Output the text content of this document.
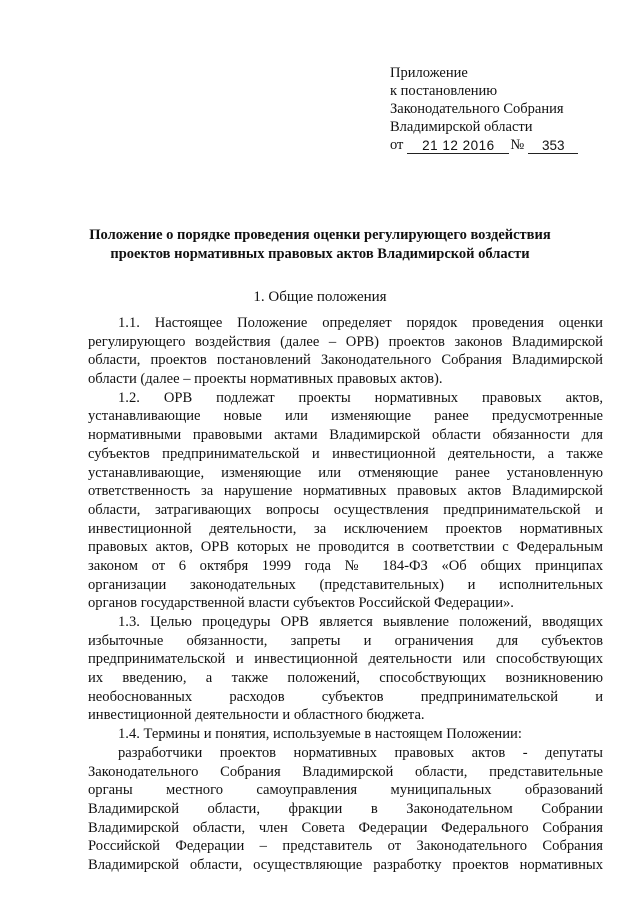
Приложение
к постановлению
Законодательного Собрания
Владимирской области
от	21 12 2016	№	353
Положение о порядке проведения оценки регулирующего воздействия
проектов нормативных правовых актов Владимирской области
1. Общие положения
1.1. Настоящее Положение определяет порядок проведения оценки
регулирующего воздействия (далее – ОРВ) проектов законов Владимирской
области, проектов постановлений Законодательного Собрания Владимирской
области (далее – проекты нормативных правовых актов).
1.2. ОРВ подлежат проекты нормативных правовых актов,
устанавливающие новые или изменяющие ранее предусмотренные
нормативными правовыми актами Владимирской области обязанности для
субъектов предпринимательской и инвестиционной деятельности, а также
устанавливающие, изменяющие или отменяющие ранее установленную
ответственность за нарушение нормативных правовых актов Владимирской
области, затрагивающих вопросы осуществления предпринимательской и
инвестиционной деятельности, за исключением проектов нормативных
правовых актов, ОРВ которых не проводится в соответствии с Федеральным
законом от 6 октября 1999 года № 184-ФЗ «Об общих принципах
организации законодательных (представительных) и исполнительных
органов государственной власти субъектов Российской Федерации».
1.3. Целью процедуры ОРВ является выявление положений, вводящих
избыточные обязанности, запреты и ограничения для субъектов
предпринимательской и инвестиционной деятельности или способствующих
их введению, а также положений, способствующих возникновению
необоснованных расходов субъектов предпринимательской и
инвестиционной деятельности и областного бюджета.
1.4. Термины и понятия, используемые в настоящем Положении:
разработчики проектов нормативных правовых актов - депутаты
Законодательного Собрания Владимирской области, представительные
органы местного самоуправления муниципальных образований
Владимирской области, фракции в Законодательном Собрании
Владимирской области, член Совета Федерации Федерального Собрания
Российской Федерации – представитель от Законодательного Собрания
Владимирской области, осуществляющие разработку проектов нормативных
